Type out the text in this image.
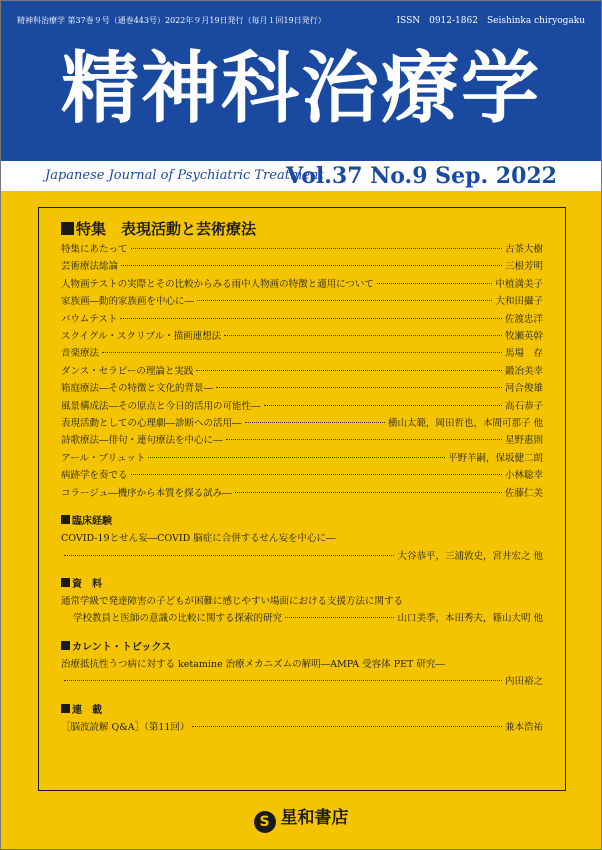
精神科治療学 第37巻９号（通巻443号）2022年９月19日発行（毎月１回19日発行）	ISSN　0912-1862　Seishinka chiryogaku
精神科治療学
Japanese Journal of Psychiatric Treatment
Vol.37 No.9 Sep. 2022
特集　表現活動と芸術療法
特集にあたって	古茶大樹
芸術療法総論	三根芳明
人物画テストの実際とその比較からみる雨中人物画の特徴と適用について	中植満美子
家族画―動的家族画を中心に―	大和田攝子
バウムテスト	佐渡忠洋
スクイグル・スクリブル・描画連想法	牧瀬英幹
音楽療法	馬場　存
ダンス・セラピーの理論と実践	鍛冶美幸
箱庭療法―その特徴と文化的背景―	河合俊雄
風景構成法―その原点と今日的活用の可能性―	高石恭子
表現活動としての心理劇―診断への活用―	横山太範，岡田哲也，本間可那子 他
詩歌療法―俳句・連句療法を中心に―	星野惠則
アール・ブリュット	平野羊嗣，保坂健二朗
病跡学を奏でる	小林聡幸
コラージュ―機序から本質を探る試み―	佐藤仁美
臨床経験
COVID-19とせん妄―COVID 脳症に合併するせん妄を中心に―
大谷恭平，三浦敦史，宮井宏之 他
資　料
通常学級で発達障害の子どもが困難に感じやすい場面における支援方法に関する
学校教員と医師の意識の比較に関する探索的研究	山口美季，本田秀夫，篠山大明 他
カレント・トピックス
治療抵抗性うつ病に対する ketamine 治療メカニズムの解明―AMPA 受容体 PET 研究―
内田裕之
連　載
［脳波読解 Q&A］（第11回）	兼本浩祐
S 星和書店
